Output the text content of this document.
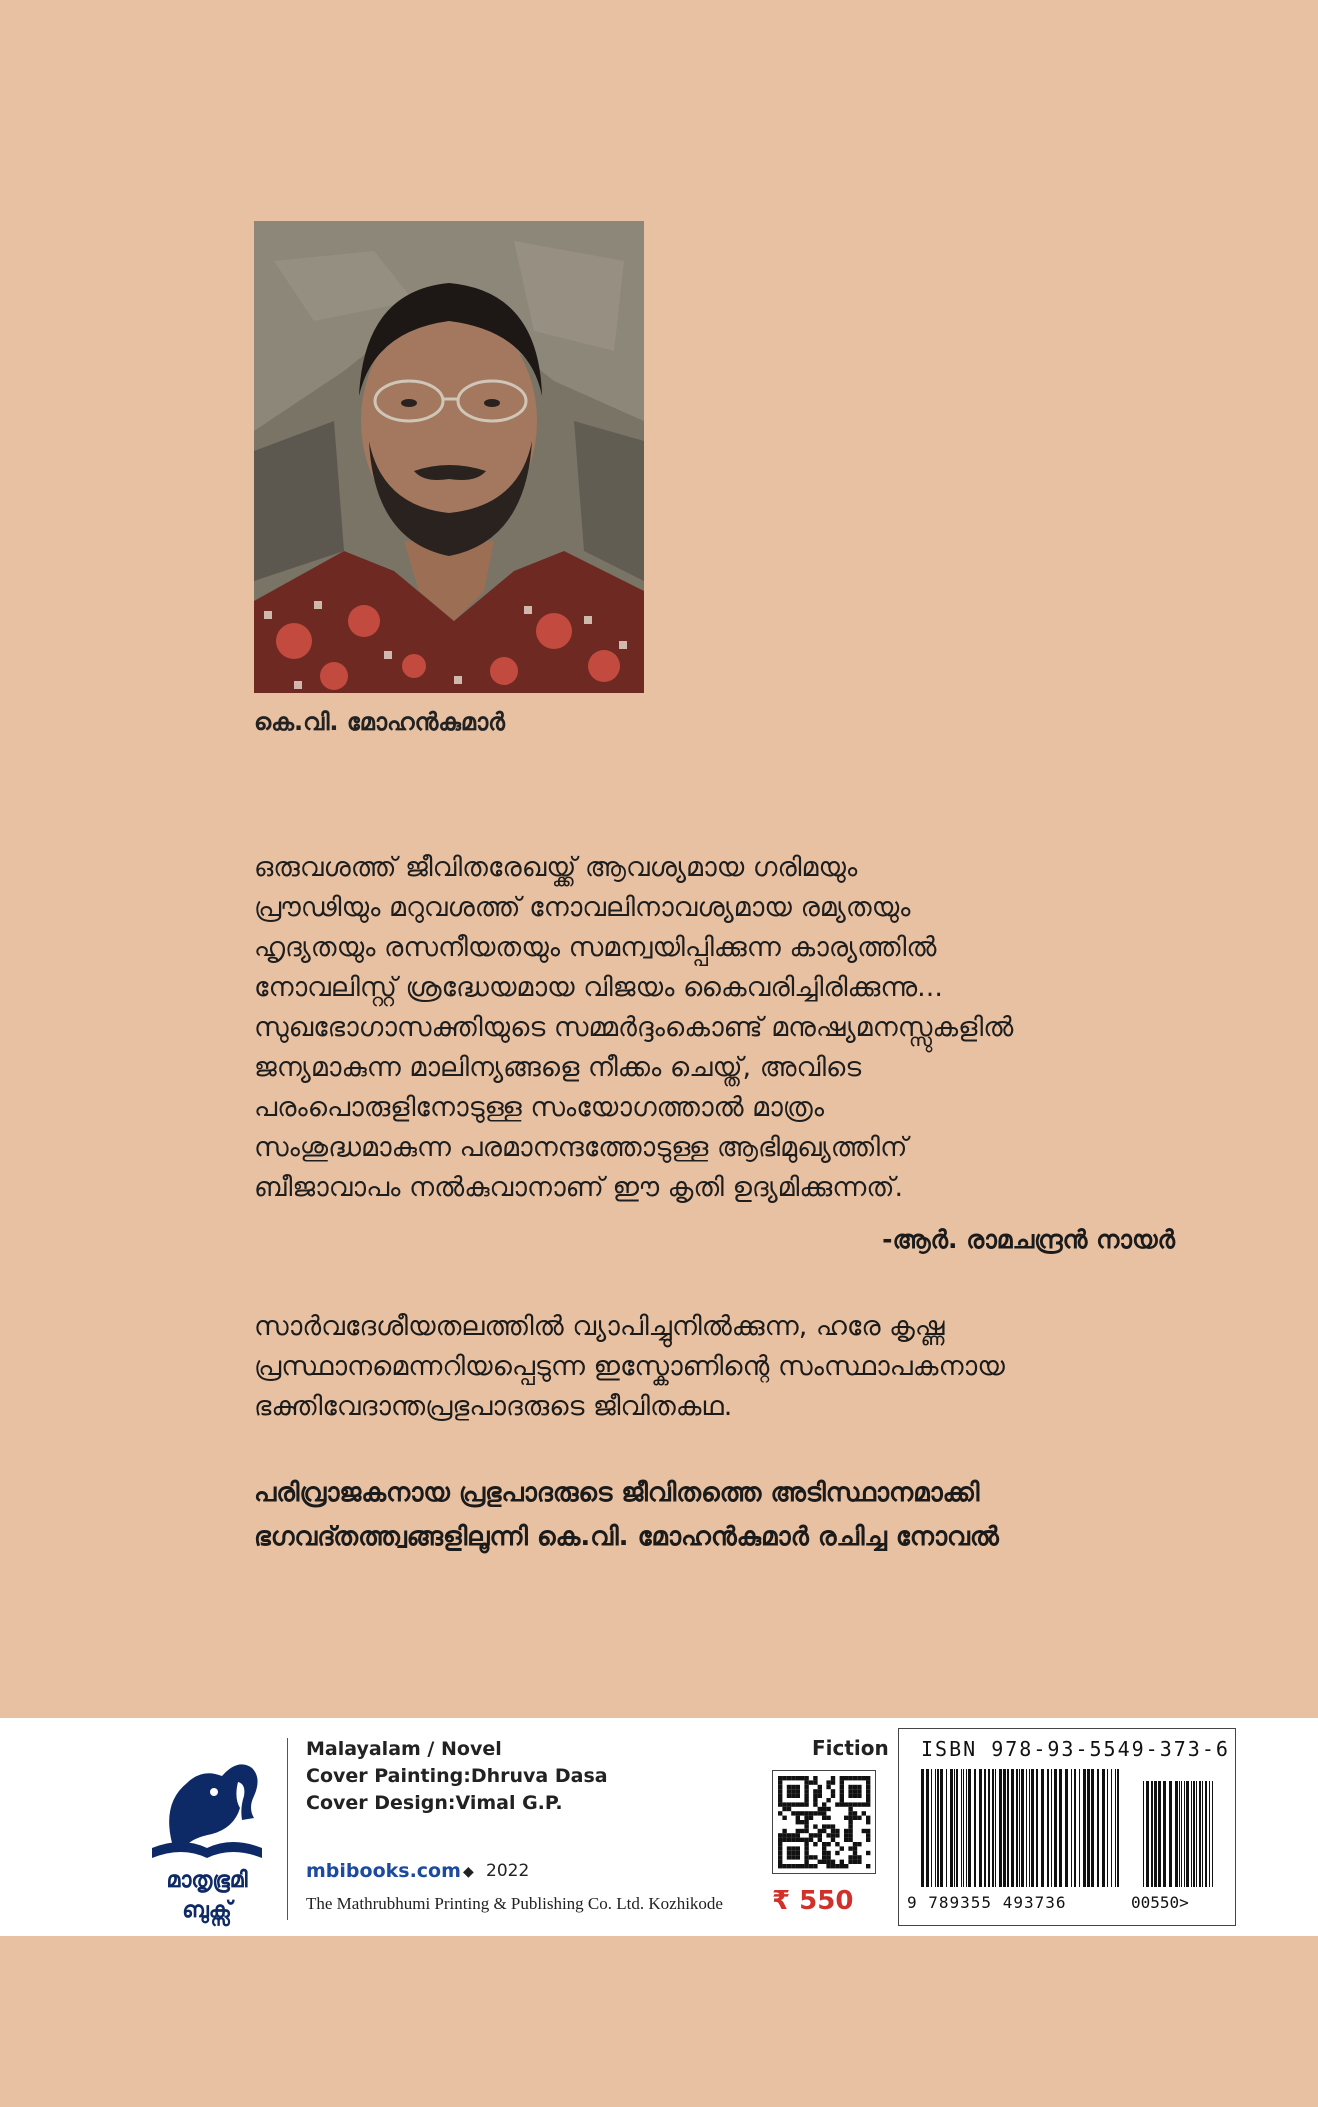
കെ.വി. മോഹൻകുമാർ
ഒരുവശത്ത് ജീവിതരേഖയ്ക്ക് ആവശ്യമായ ഗരിമയും
പ്രൗഢിയും മറുവശത്ത് നോവലിനാവശ്യമായ രമ്യതയും
ഹൃദ്യതയും രസനീയതയും സമന്വയിപ്പിക്കുന്ന കാര്യത്തിൽ
നോവലിസ്റ്റ് ശ്രദ്ധേയമായ വിജയം കൈവരിച്ചിരിക്കുന്നു...
സുഖഭോഗാസക്തിയുടെ സമ്മർദ്ദംകൊണ്ട് മനുഷ്യമനസ്സുകളിൽ
ജന്യമാകുന്ന മാലിന്യങ്ങളെ നീക്കം ചെയ്ത്, അവിടെ
പരംപൊരുളിനോടുള്ള സംയോഗത്താൽ മാത്രം
സംശുദ്ധമാകുന്ന പരമാനന്ദത്തോടുള്ള ആഭിമുഖ്യത്തിന്
ബീജാവാപം നൽകുവാനാണ് ഈ കൃതി ഉദ്യമിക്കുന്നത്.
-ആർ. രാമചന്ദ്രൻ നായർ
സാർവദേശീയതലത്തിൽ വ്യാപിച്ചുനിൽക്കുന്ന, ഹരേ കൃഷ്ണ
പ്രസ്ഥാനമെന്നറിയപ്പെടുന്ന ഇസ്കോണിന്റെ സംസ്ഥാപകനായ
ഭക്തിവേദാന്തപ്രഭുപാദരുടെ ജീവിതകഥ.
പരിവ്രാജകനായ പ്രഭുപാദരുടെ ജീവിതത്തെ അടിസ്ഥാനമാക്കി
ഭഗവദ്തത്ത്വങ്ങളിലൂന്നി കെ.വി. മോഹൻകുമാർ രചിച്ച നോവൽ
മാതൃഭൂമി
ബുക്സ്
Malayalam / Novel
Cover Painting:Dhruva Dasa
Cover Design:Vimal G.P.
mbibooks.com ◆ 2022
The Mathrubhumi Printing & Publishing Co. Ltd. Kozhikode
Fiction
₹ 550
ISBN 978-93-5549-373-6
9 789355 493736	00550>
